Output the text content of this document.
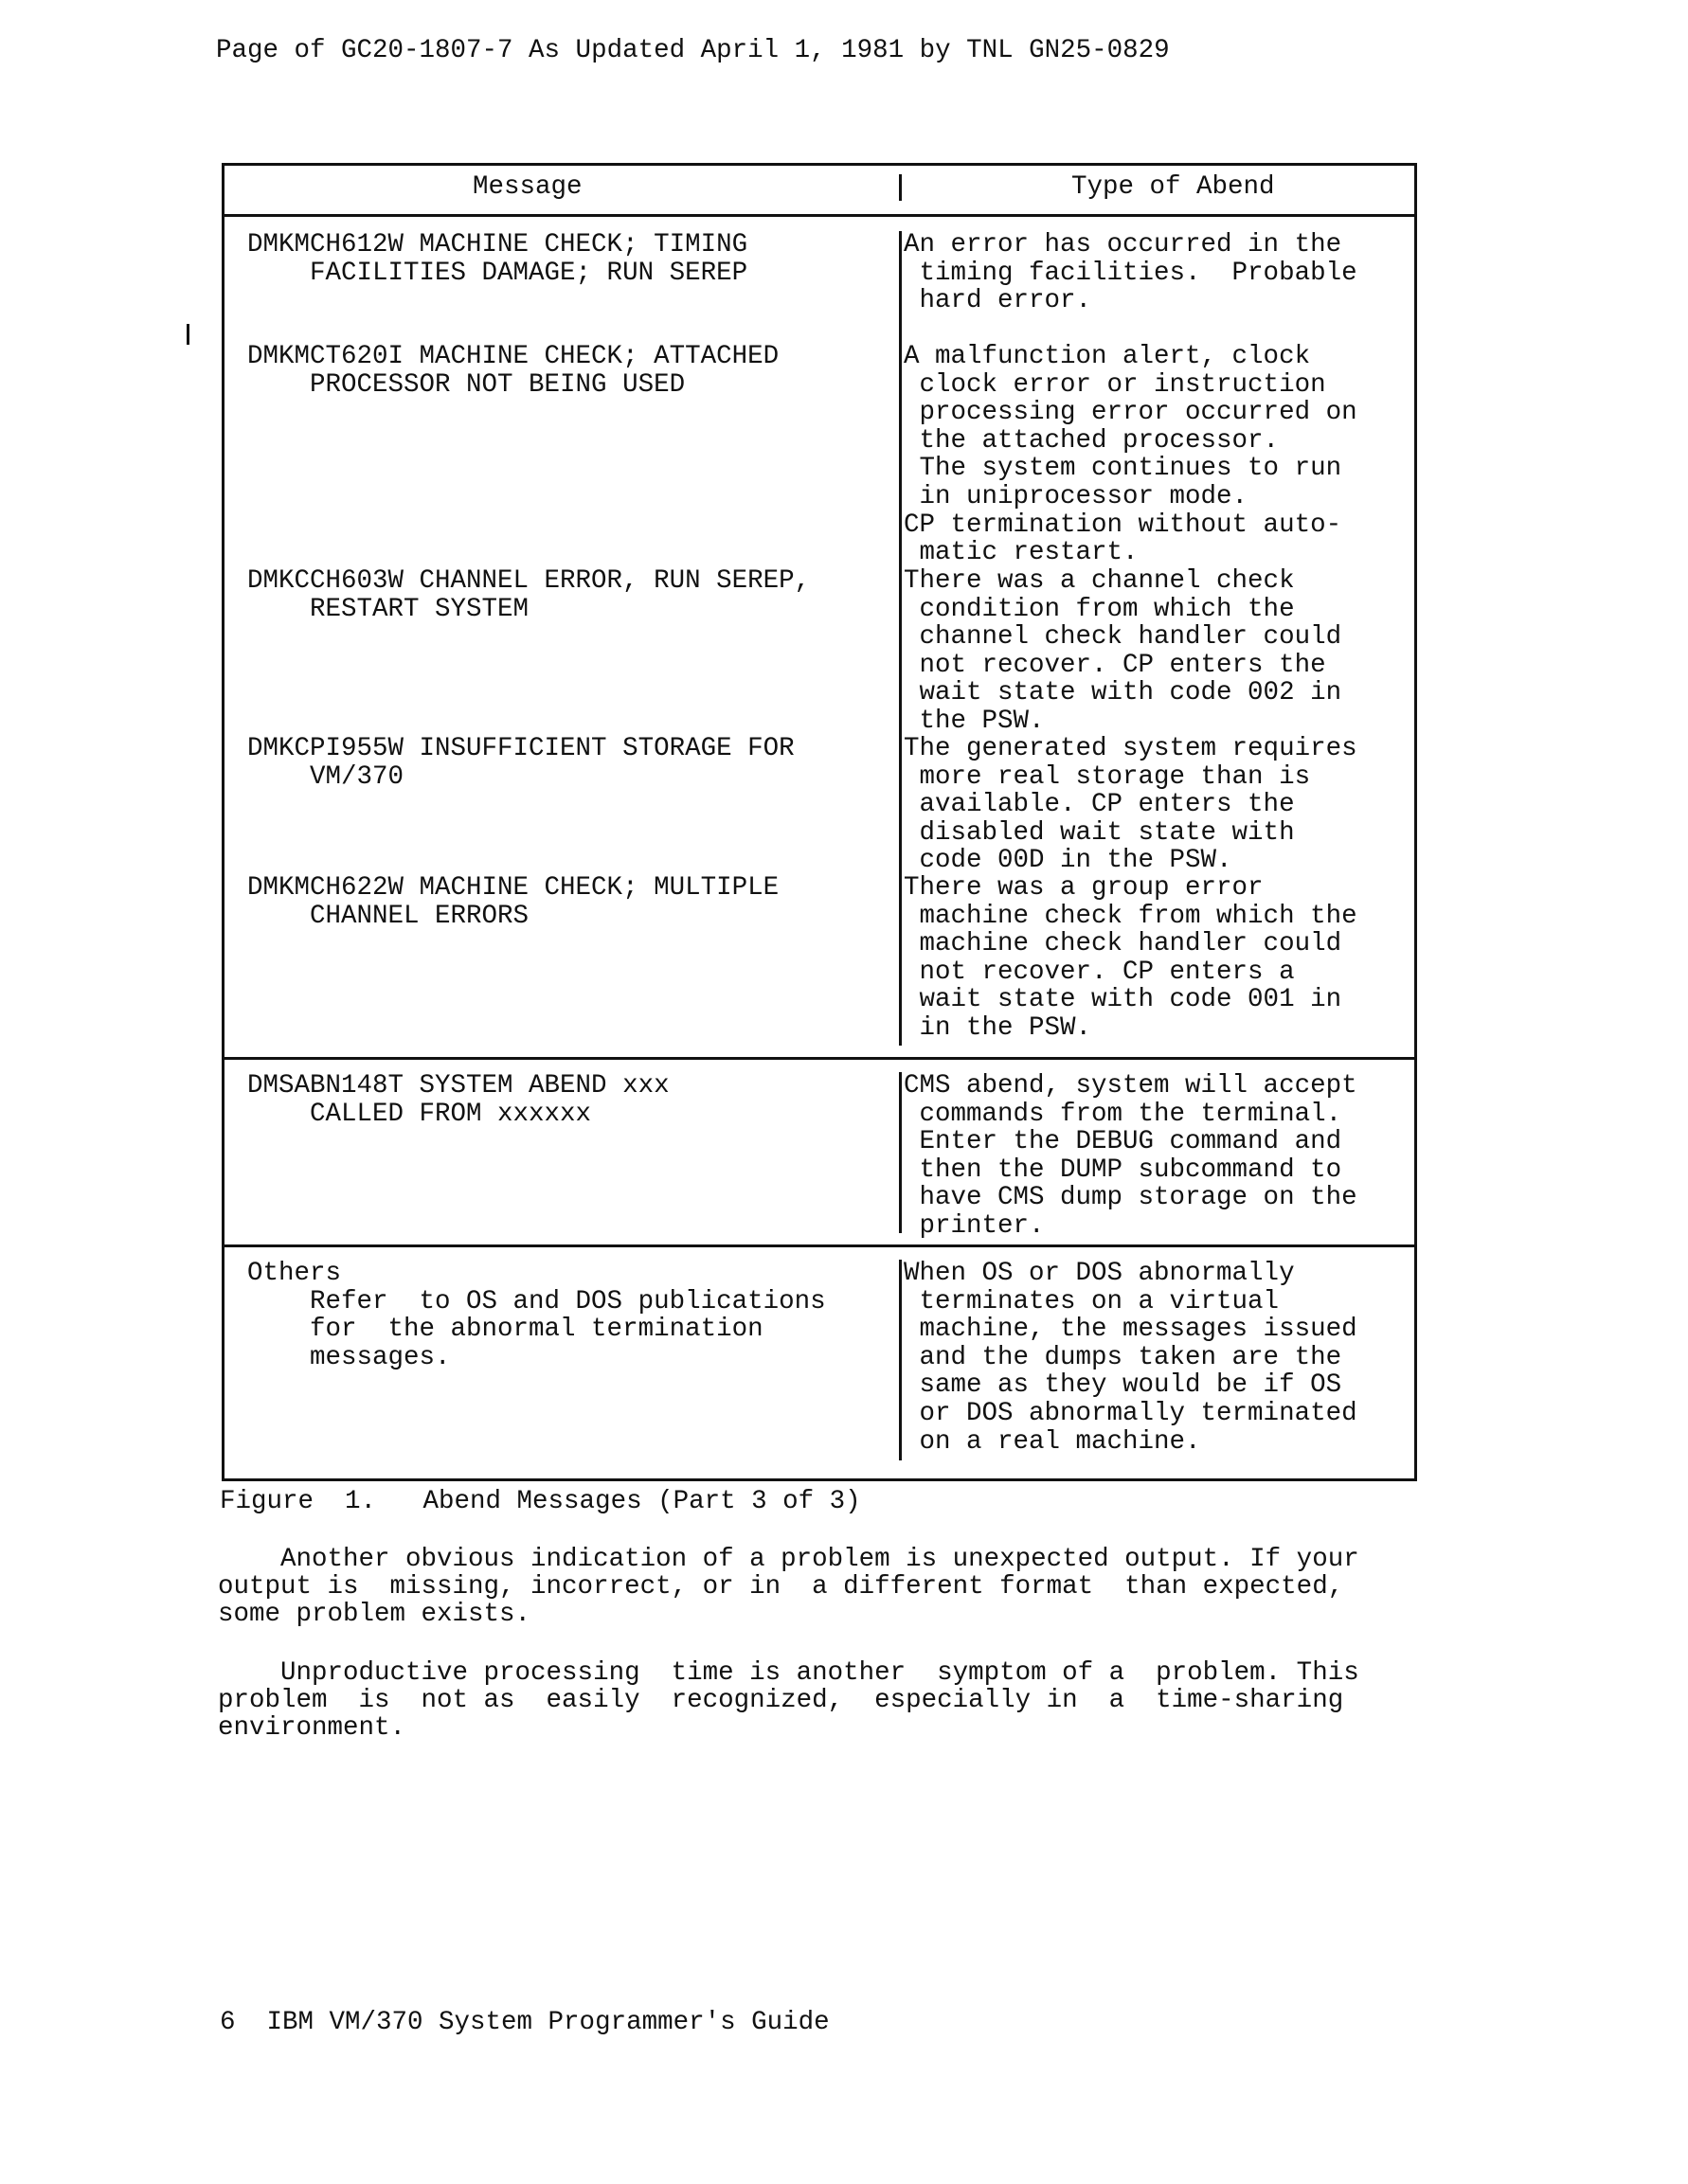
Page of GC20-1807-7 As Updated April 1, 1981 by TNL GN25-0829
Message	Type of Abend
DMKMCH612W MACHINE CHECK; TIMING
FACILITIES DAMAGE; RUN SEREP
An error has occurred in the
timing facilities.  Probable
hard error.
DMKMCT620I MACHINE CHECK; ATTACHED
PROCESSOR NOT BEING USED
A malfunction alert, clock
clock error or instruction
processing error occurred on
the attached processor.
The system continues to run
in uniprocessor mode.
CP termination without auto-
matic restart.
DMKCCH603W CHANNEL ERROR, RUN SEREP,
RESTART SYSTEM
There was a channel check
condition from which the
channel check handler could
not recover. CP enters the
wait state with code 002 in
the PSW.
DMKCPI955W INSUFFICIENT STORAGE FOR
VM/370
The generated system requires
more real storage than is
available. CP enters the
disabled wait state with
code 00D in the PSW.
DMKMCH622W MACHINE CHECK; MULTIPLE
CHANNEL ERRORS
There was a group error
machine check from which the
machine check handler could
not recover. CP enters a
wait state with code 001 in
in the PSW.
DMSABN148T SYSTEM ABEND xxx
CALLED FROM xxxxxx
CMS abend, system will accept
commands from the terminal.
Enter the DEBUG command and
then the DUMP subcommand to
have CMS dump storage on the
printer.
Others
Refer  to OS and DOS publications
for  the abnormal termination
messages.
When OS or DOS abnormally
terminates on a virtual
machine, the messages issued
and the dumps taken are the
same as they would be if OS
or DOS abnormally terminated
on a real machine.
Figure  1.   Abend Messages (Part 3 of 3)
Another obvious indication of a problem is unexpected output. If your
output is  missing, incorrect, or in  a different format  than expected,
some problem exists.
Unproductive processing  time is another  symptom of a  problem. This
problem  is  not as  easily  recognized,  especially in  a  time-sharing
environment.
6  IBM VM/370 System Programmer's Guide
